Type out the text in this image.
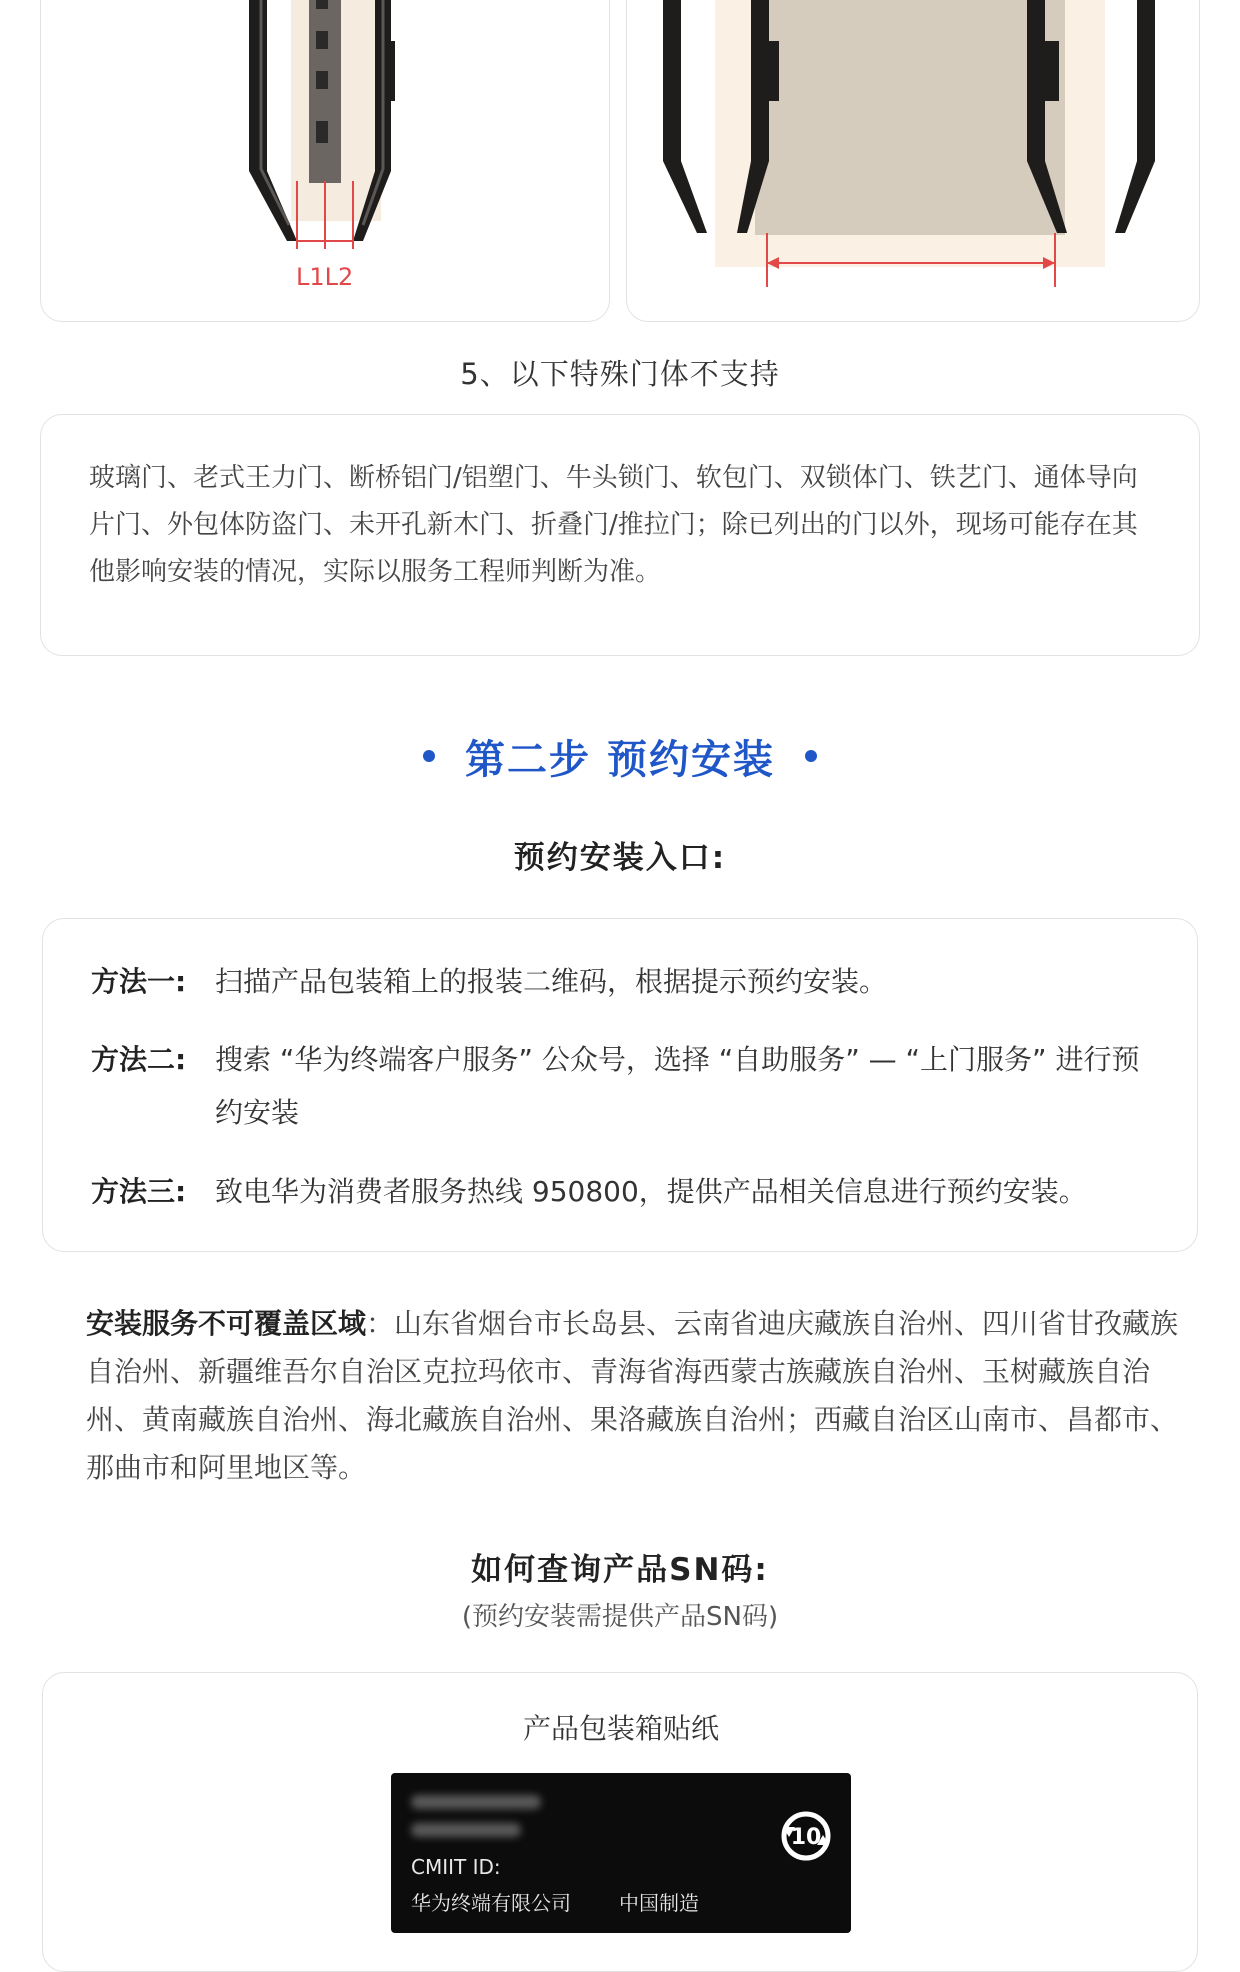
L1L2
5、以下特殊门体不支持

玻璃门、老式王力门、断桥铝门/铝塑门、牛头锁门、软包门、双锁体门、铁艺门、通体导向片门、外包体防盗门、未开孔新木门、折叠门/推拉门；除已列出的门以外，现场可能存在其他影响安装的情况，实际以服务工程师判断为准。

第二步 预约安装
预约安装入口:
方法一:	扫描产品包装箱上的报装二维码，根据提示预约安装。
方法二:	搜索 “华为终端客户服务” 公众号，选择 “自助服务” — “上门服务” 进行预约安装
方法三:	致电华为消费者服务热线 950800，提供产品相关信息进行预约安装。

安装服务不可覆盖区域：山东省烟台市长岛县、云南省迪庆藏族自治州、四川省甘孜藏族自治州、新疆维吾尔自治区克拉玛依市、青海省海西蒙古族藏族自治州、玉树藏族自治州、黄南藏族自治州、海北藏族自治州、果洛藏族自治州；西藏自治区山南市、昌都市、那曲市和阿里地区等。

如何查询产品SN码:
(预约安装需提供产品SN码)
产品包装箱贴纸
CMIIT ID:
华为终端有限公司 中国制造
10
